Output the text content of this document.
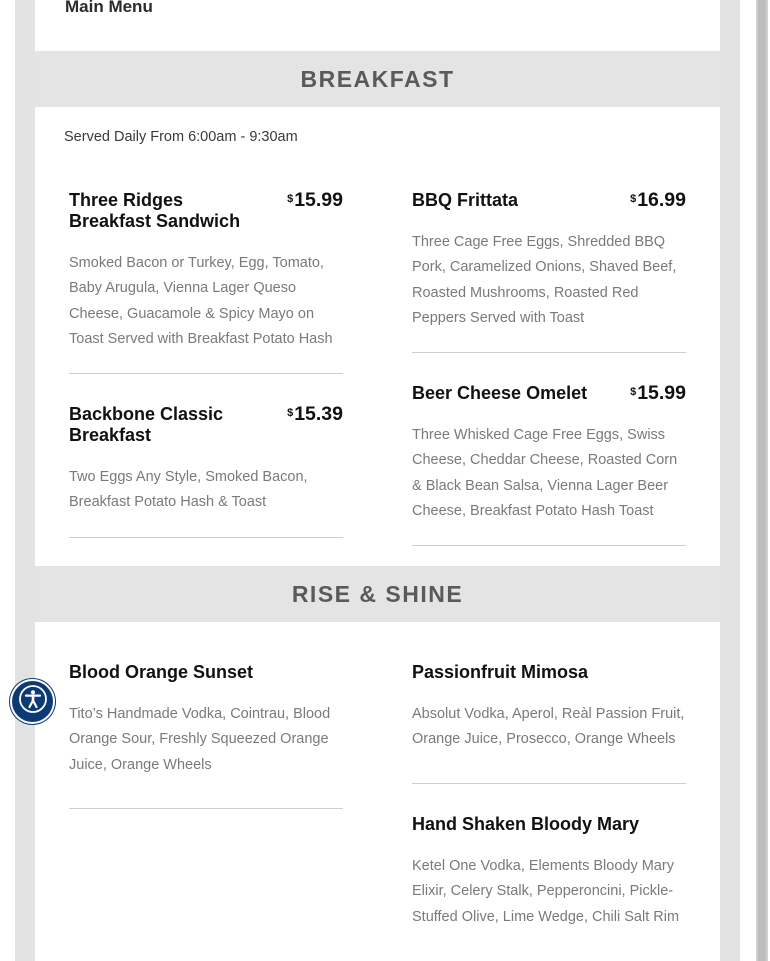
Main Menu
BREAKFAST
Served Daily From 6:00am - 9:30am
Three Ridges Breakfast Sandwich
$15.99
Smoked Bacon or Turkey, Egg, Tomato, Baby Arugula, Vienna Lager Queso Cheese, Guacamole & Spicy Mayo on Toast Served with Breakfast Potato Hash
BBQ Frittata	$16.99
Three Cage Free Eggs, Shredded BBQ Pork, Caramelized Onions, Shaved Beef, Roasted Mushrooms, Roasted Red Peppers Served with Toast
Backbone Classic Breakfast
$15.39
Two Eggs Any Style, Smoked Bacon, Breakfast Potato Hash & Toast
Beer Cheese Omelet	$15.99
Three Whisked Cage Free Eggs, Swiss Cheese, Cheddar Cheese, Roasted Corn & Black Bean Salsa, Vienna Lager Beer Cheese, Breakfast Potato Hash Toast
RISE & SHINE
Blood Orange Sunset
Tito’s Handmade Vodka, Cointrau, Blood Orange Sour, Freshly Squeezed Orange Juice, Orange Wheels
Passionfruit Mimosa
Absolut Vodka, Aperol, Reàl Passion Fruit, Orange Juice, Prosecco, Orange Wheels
Hand Shaken Bloody Mary
Ketel One Vodka, Elements Bloody Mary Elixir, Celery Stalk, Pepperoncini, Pickle-Stuffed Olive, Lime Wedge, Chili Salt Rim
